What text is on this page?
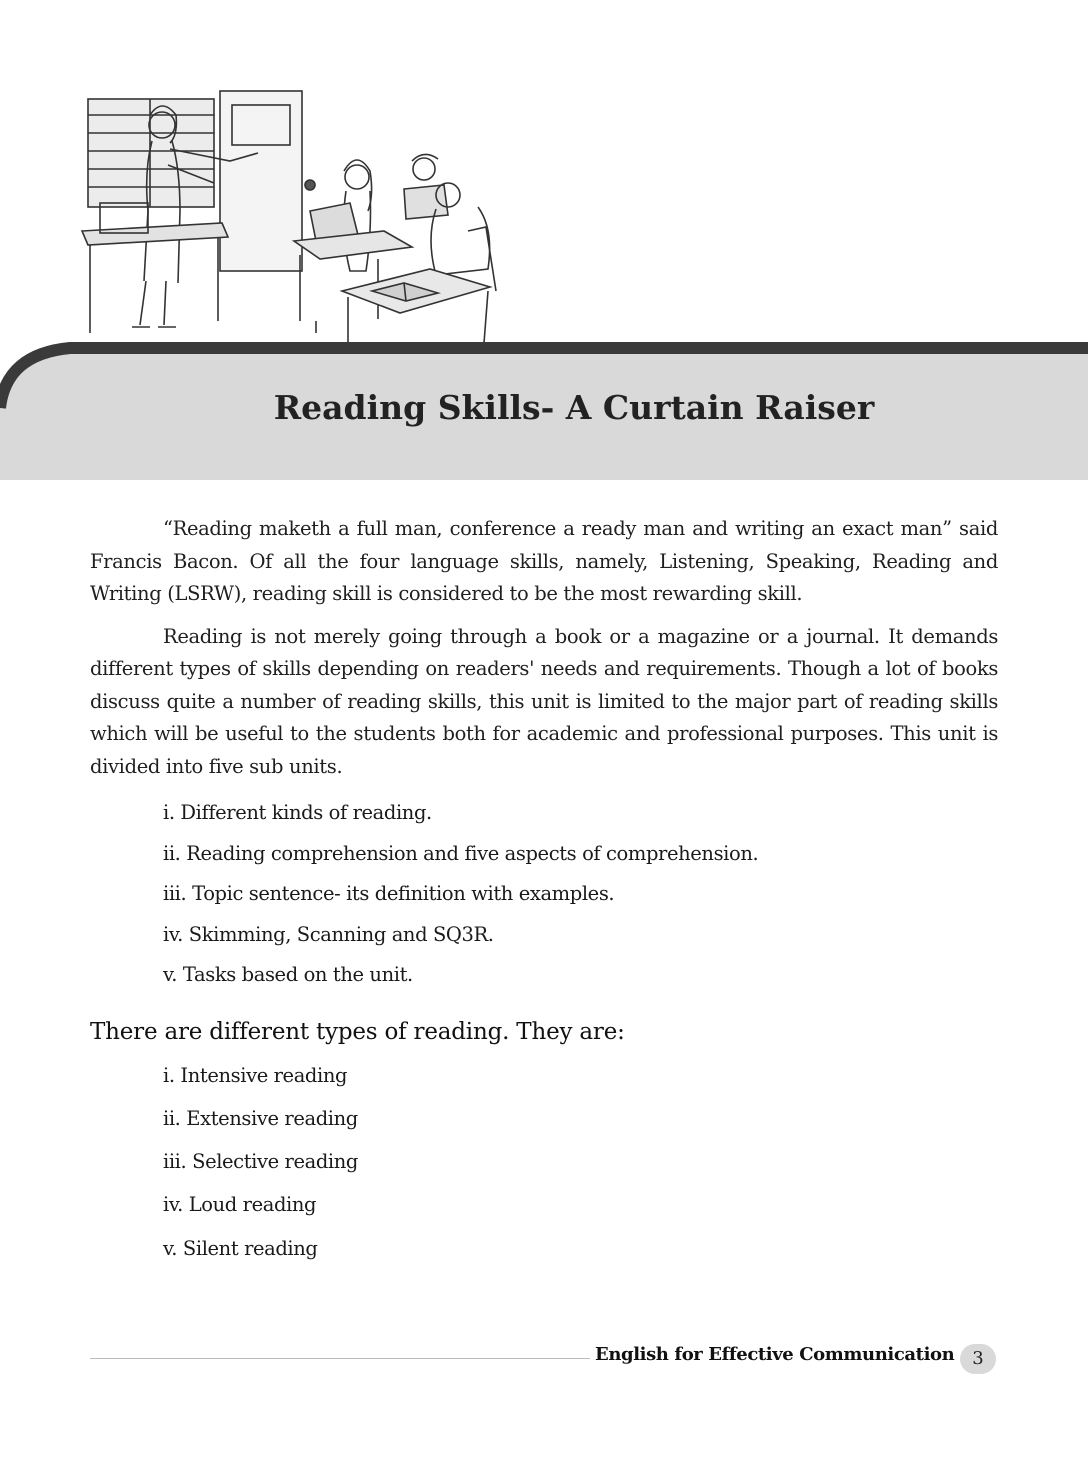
Reading Skills- A Curtain Raiser

“Reading maketh a full man, conference a ready man and writing an exact man” said Francis Bacon. Of all the four language skills, namely, Listening, Speaking, Reading and Writing (LSRW), reading skill is considered to be the most rewarding skill.

Reading is not merely going through a book or a magazine or a journal. It demands different types of skills depending on readers' needs and requirements. Though a lot of books discuss quite a number of reading skills, this unit is limited to the major part of reading skills which will be useful to the students both for academic and professional purposes. This unit is divided into five sub units.

i. Different kinds of reading.
ii. Reading comprehension and five aspects of comprehension.
iii. Topic sentence- its definition with examples.
iv. Skimming, Scanning and SQ3R.
v. Tasks based on the unit.
There are different types of reading. They are:
i. Intensive reading
ii. Extensive reading
iii. Selective reading
iv. Loud reading
v. Silent reading
English for Effective Communication 3
